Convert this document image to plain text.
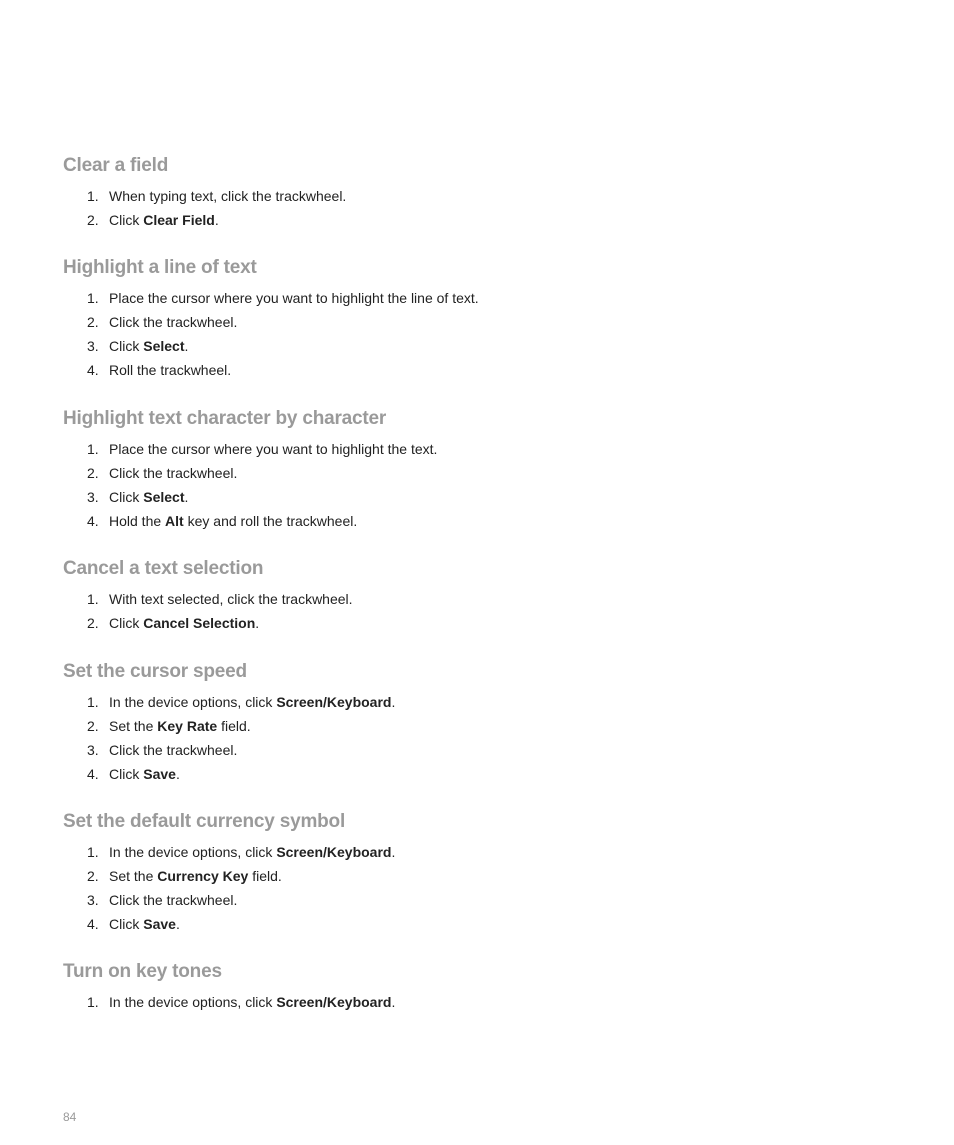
Clear a field
1. When typing text, click the trackwheel.
2. Click Clear Field.
Highlight a line of text
1. Place the cursor where you want to highlight the line of text.
2. Click the trackwheel.
3. Click Select.
4. Roll the trackwheel.
Highlight text character by character
1. Place the cursor where you want to highlight the text.
2. Click the trackwheel.
3. Click Select.
4. Hold the Alt key and roll the trackwheel.
Cancel a text selection
1. With text selected, click the trackwheel.
2. Click Cancel Selection.
Set the cursor speed
1. In the device options, click Screen/Keyboard.
2. Set the Key Rate field.
3. Click the trackwheel.
4. Click Save.
Set the default currency symbol
1. In the device options, click Screen/Keyboard.
2. Set the Currency Key field.
3. Click the trackwheel.
4. Click Save.
Turn on key tones
1. In the device options, click Screen/Keyboard.
84
